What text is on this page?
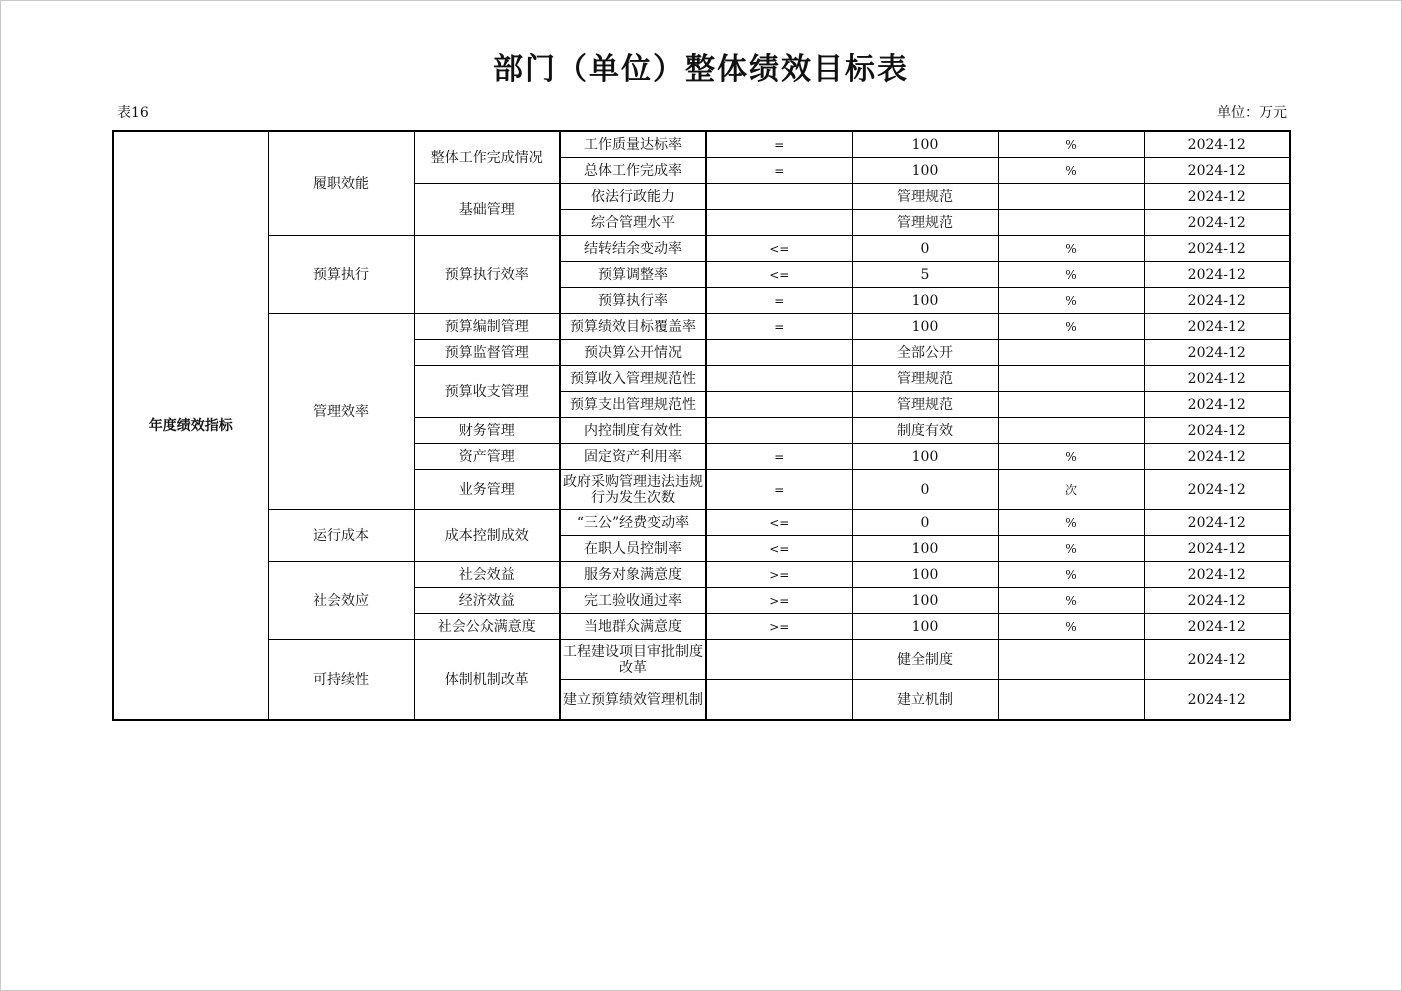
部门（单位）整体绩效目标表
表16	单位：万元
年度绩效指标	履职效能	整体工作完成情况	工作质量达标率	=	100	%	2024-12
			总体工作完成率	=	100	%	2024-12
		基础管理	依法行政能力		管理规范		2024-12
			综合管理水平		管理规范		2024-12
	预算执行	预算执行效率	结转结余变动率	<=	0	%	2024-12
			预算调整率	<=	5	%	2024-12
			预算执行率	=	100	%	2024-12
	管理效率	预算编制管理	预算绩效目标覆盖率	=	100	%	2024-12
		预算监督管理	预决算公开情况		全部公开		2024-12
		预算收支管理	预算收入管理规范性		管理规范		2024-12
			预算支出管理规范性		管理规范		2024-12
		财务管理	内控制度有效性		制度有效		2024-12
		资产管理	固定资产利用率	=	100	%	2024-12
		业务管理	政府采购管理违法违规行为发生次数	=	0	次	2024-12
	运行成本	成本控制成效	“三公”经费变动率	<=	0	%	2024-12
			在职人员控制率	<=	100	%	2024-12
	社会效应	社会效益	服务对象满意度	>=	100	%	2024-12
		经济效益	完工验收通过率	>=	100	%	2024-12
		社会公众满意度	当地群众满意度	>=	100	%	2024-12
	可持续性	体制机制改革	工程建设项目审批制度改革		健全制度		2024-12
			建立预算绩效管理机制		建立机制		2024-12
